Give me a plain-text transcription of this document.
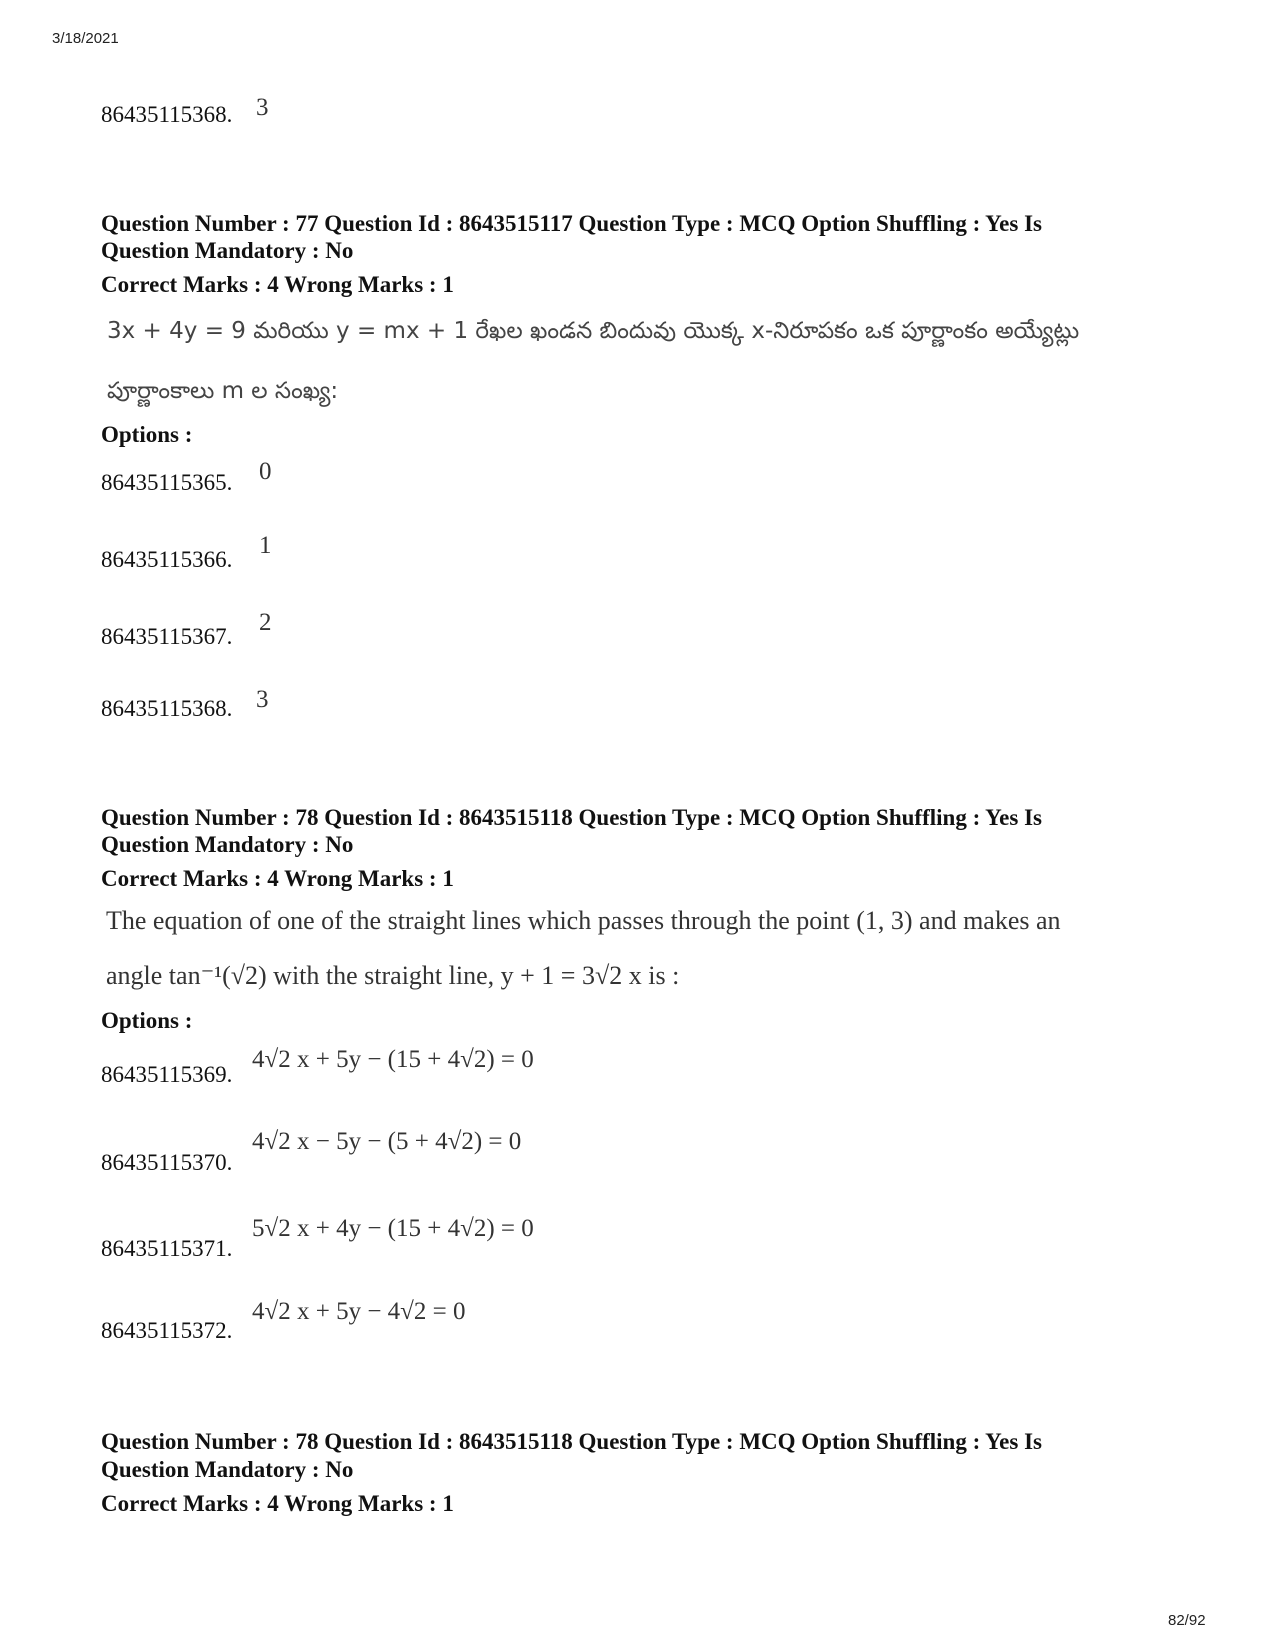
3/18/2021
86435115368. 3
Question Number : 77 Question Id : 8643515117 Question Type : MCQ Option Shuffling : Yes Is
Question Mandatory : No
Correct Marks : 4 Wrong Marks : 1
3x + 4y = 9 మరియు y = mx + 1 రేఖల ఖండన బిందువు యొక్క x-నిరూపకం ఒక పూర్ణాంకం అయ్యేట్లు
పూర్ణాంకాలు m ల సంఖ్య:
Options :
86435115365. 0
86435115366.
1
86435115367.
2
86435115368. 3
Question Number : 78 Question Id : 8643515118 Question Type : MCQ Option Shuffling : Yes Is
Question Mandatory : No
Correct Marks : 4 Wrong Marks : 1
The equation of one of the straight lines which passes through the point (1, 3) and makes an
angle tan⁻¹(√2) with the straight line, y + 1 = 3√2 x is :
Options :
86435115369.
4√2 x + 5y − (15 + 4√2) = 0
86435115370.
4√2 x − 5y − (5 + 4√2) = 0
86435115371.
5√2 x + 4y − (15 + 4√2) = 0
86435115372.
4√2 x + 5y − 4√2 = 0
Question Number : 78 Question Id : 8643515118 Question Type : MCQ Option Shuffling : Yes Is
Question Mandatory : No
Correct Marks : 4 Wrong Marks : 1
82/92
